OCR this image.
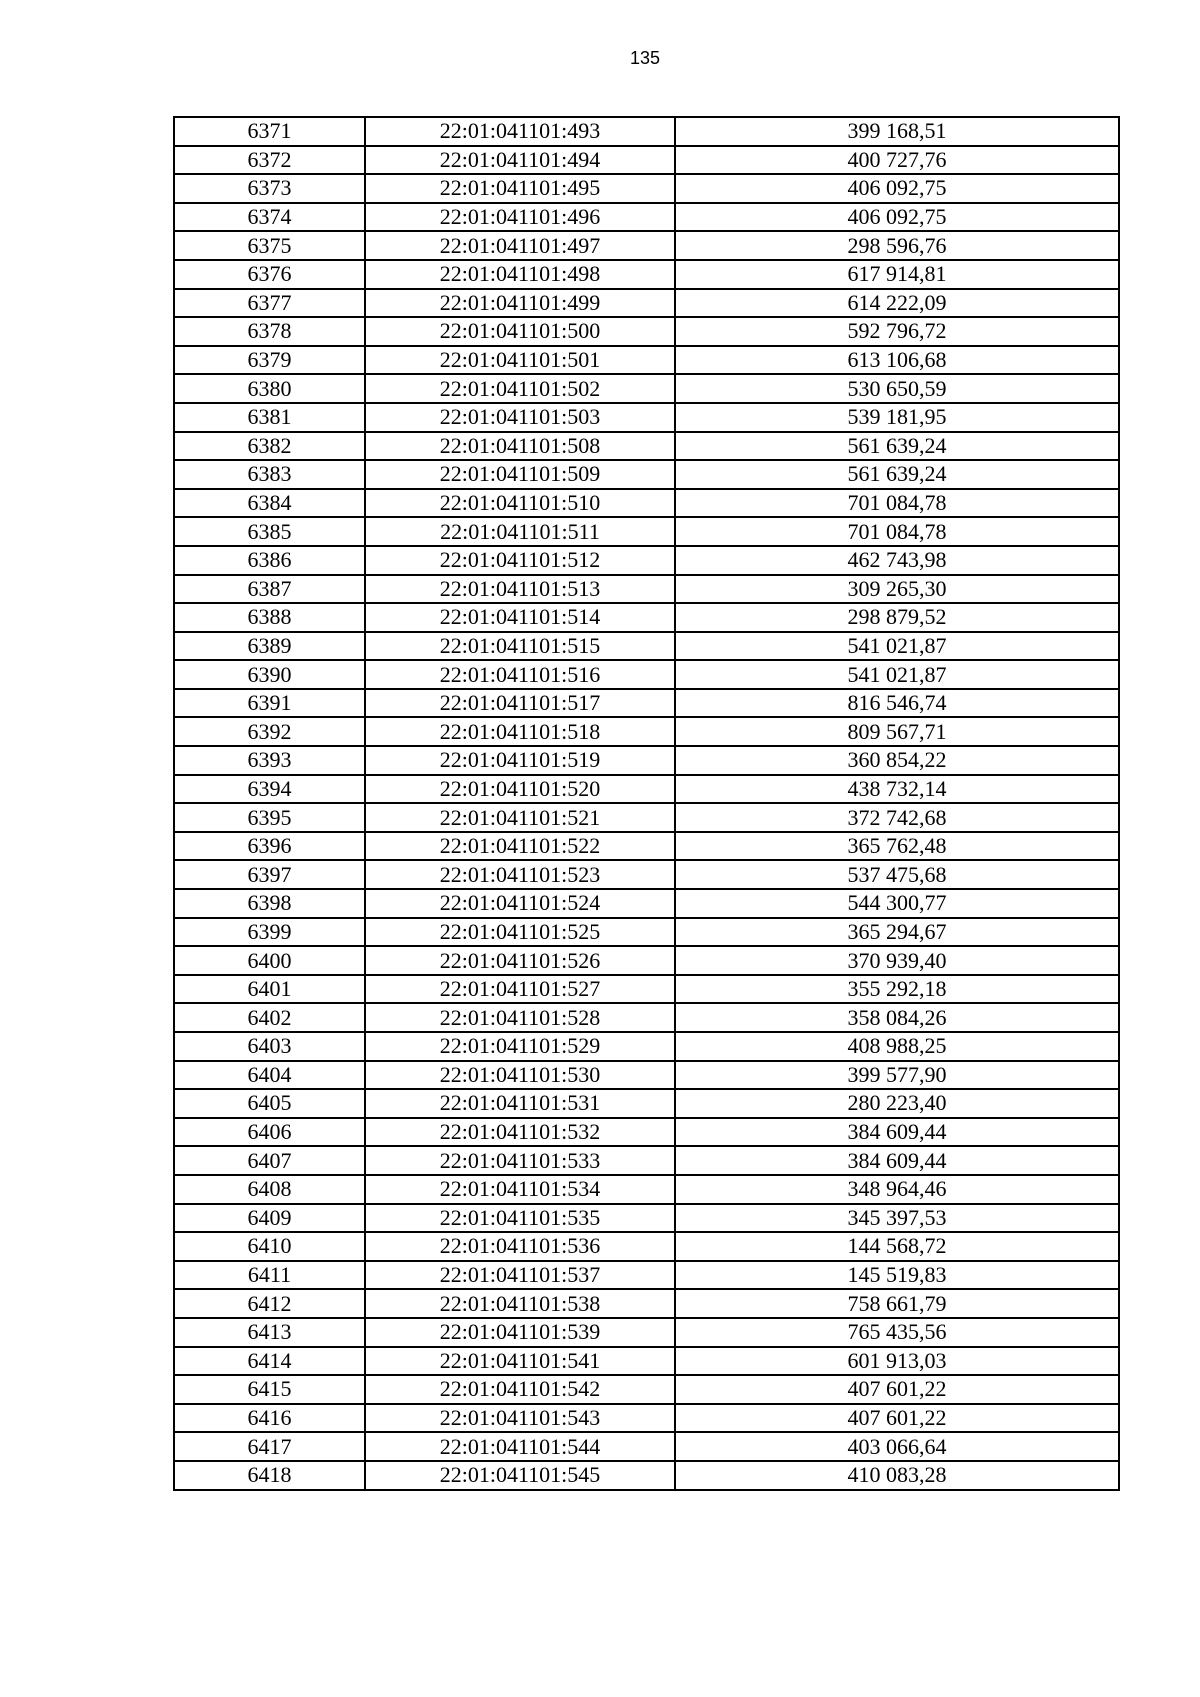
135
6371	22:01:041101:493	399 168,51
6372	22:01:041101:494	400 727,76
6373	22:01:041101:495	406 092,75
6374	22:01:041101:496	406 092,75
6375	22:01:041101:497	298 596,76
6376	22:01:041101:498	617 914,81
6377	22:01:041101:499	614 222,09
6378	22:01:041101:500	592 796,72
6379	22:01:041101:501	613 106,68
6380	22:01:041101:502	530 650,59
6381	22:01:041101:503	539 181,95
6382	22:01:041101:508	561 639,24
6383	22:01:041101:509	561 639,24
6384	22:01:041101:510	701 084,78
6385	22:01:041101:511	701 084,78
6386	22:01:041101:512	462 743,98
6387	22:01:041101:513	309 265,30
6388	22:01:041101:514	298 879,52
6389	22:01:041101:515	541 021,87
6390	22:01:041101:516	541 021,87
6391	22:01:041101:517	816 546,74
6392	22:01:041101:518	809 567,71
6393	22:01:041101:519	360 854,22
6394	22:01:041101:520	438 732,14
6395	22:01:041101:521	372 742,68
6396	22:01:041101:522	365 762,48
6397	22:01:041101:523	537 475,68
6398	22:01:041101:524	544 300,77
6399	22:01:041101:525	365 294,67
6400	22:01:041101:526	370 939,40
6401	22:01:041101:527	355 292,18
6402	22:01:041101:528	358 084,26
6403	22:01:041101:529	408 988,25
6404	22:01:041101:530	399 577,90
6405	22:01:041101:531	280 223,40
6406	22:01:041101:532	384 609,44
6407	22:01:041101:533	384 609,44
6408	22:01:041101:534	348 964,46
6409	22:01:041101:535	345 397,53
6410	22:01:041101:536	144 568,72
6411	22:01:041101:537	145 519,83
6412	22:01:041101:538	758 661,79
6413	22:01:041101:539	765 435,56
6414	22:01:041101:541	601 913,03
6415	22:01:041101:542	407 601,22
6416	22:01:041101:543	407 601,22
6417	22:01:041101:544	403 066,64
6418	22:01:041101:545	410 083,28
